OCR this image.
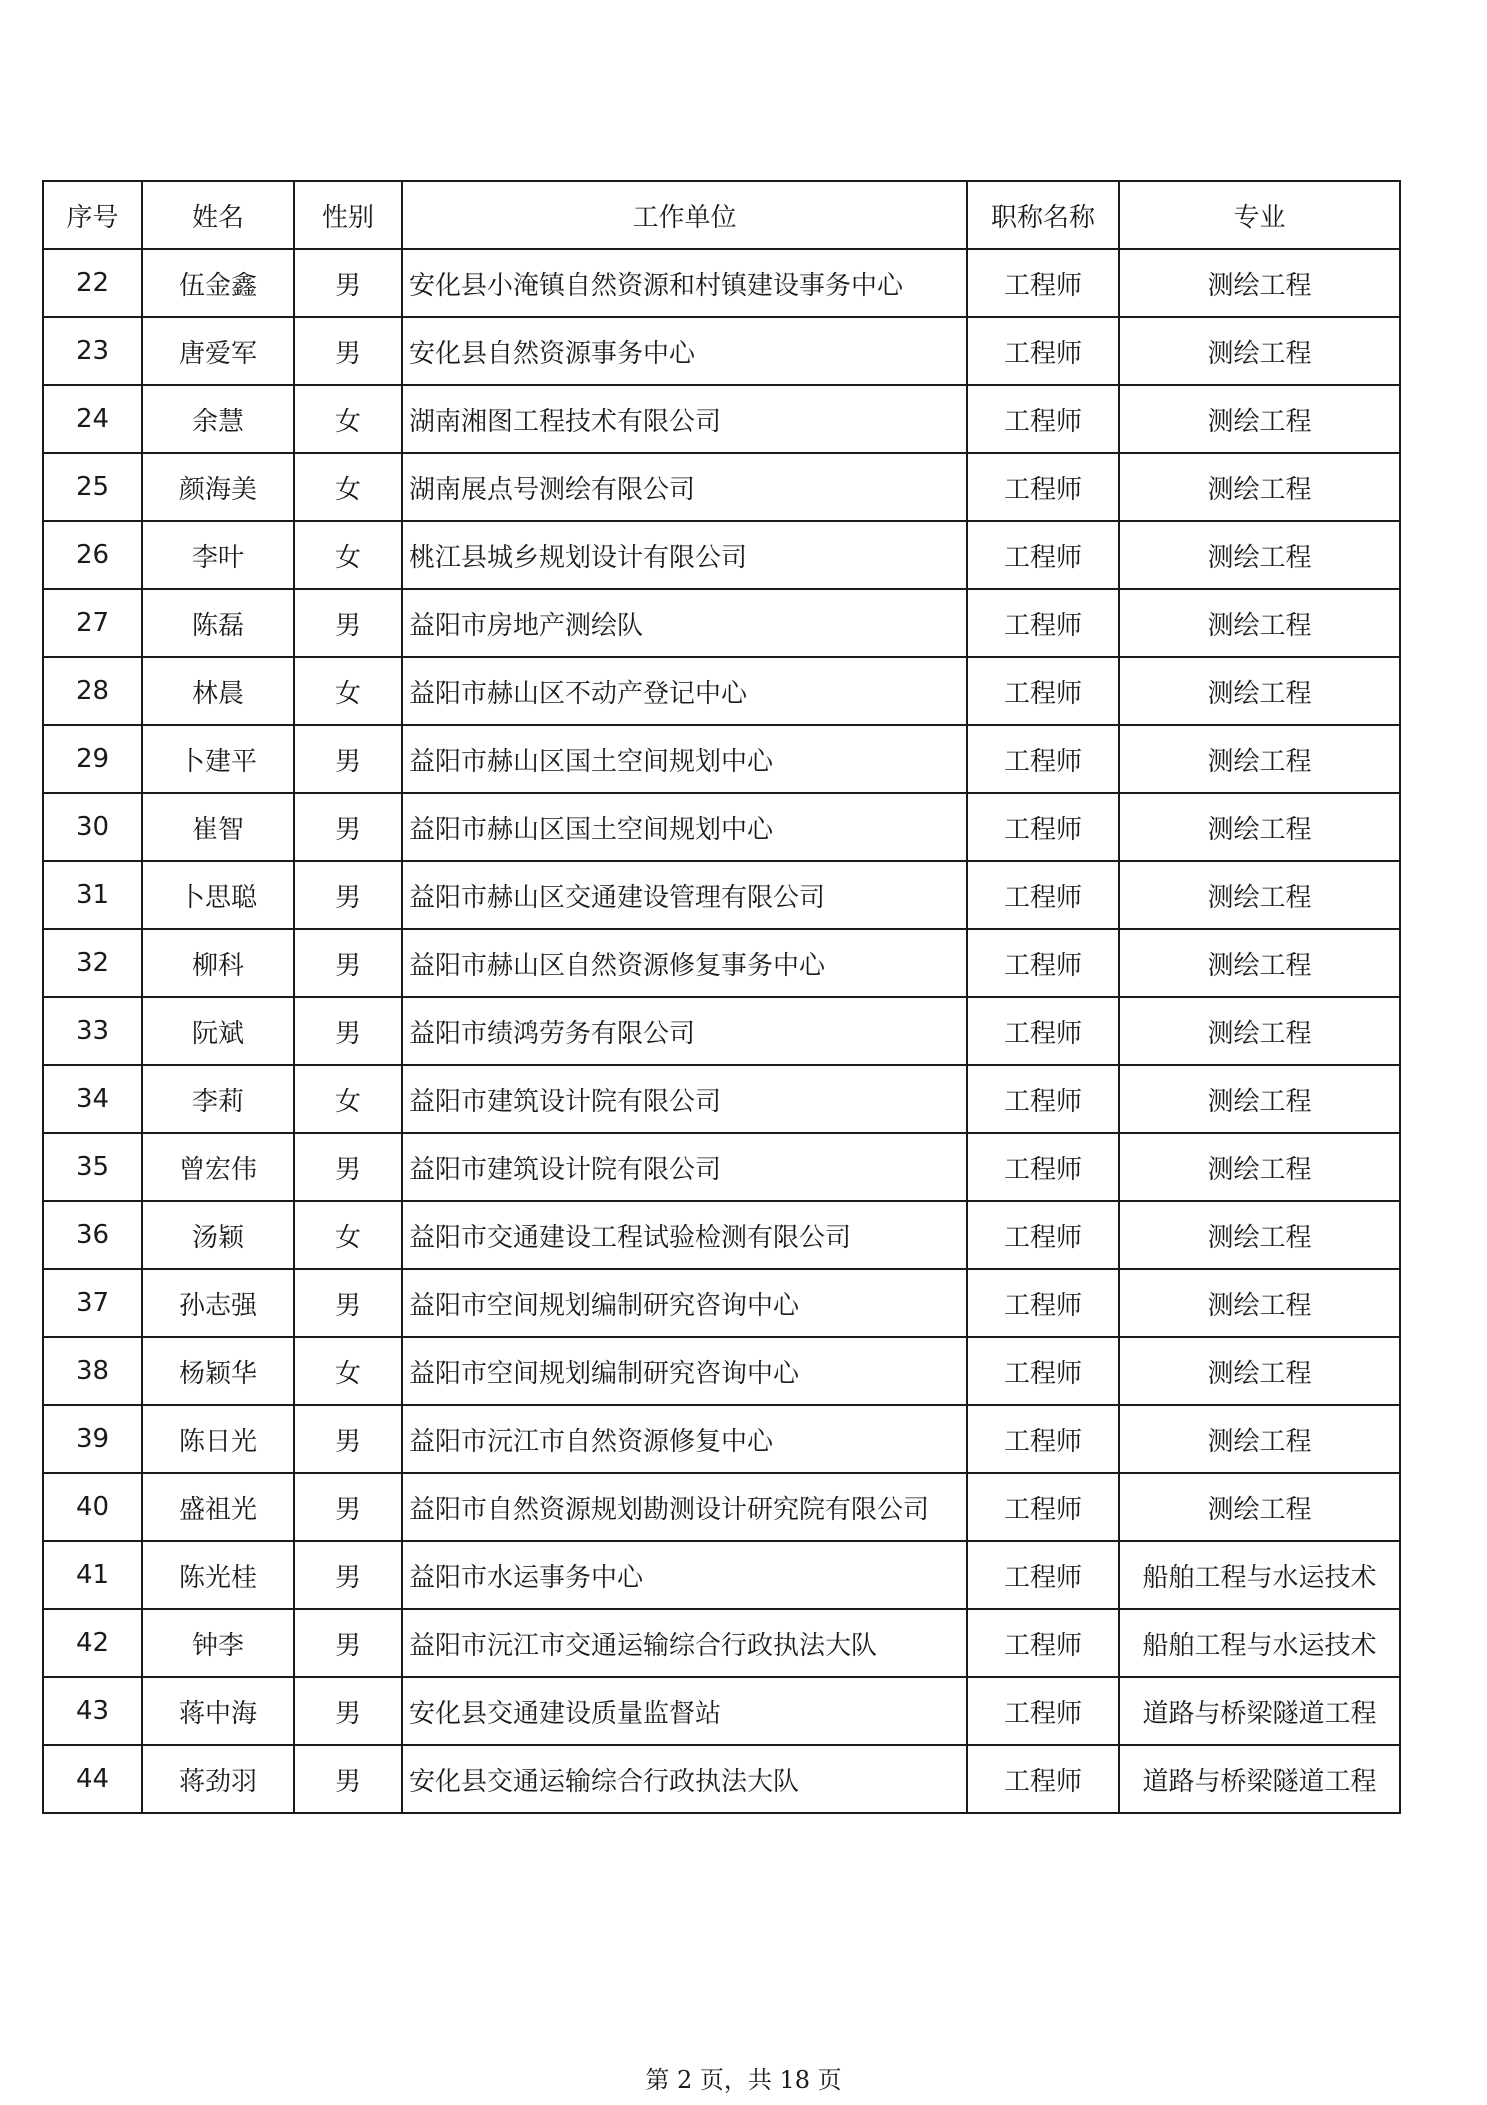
序号	姓名	性别	工作单位	职称名称	专业
22	伍金鑫	男	安化县小淹镇自然资源和村镇建设事务中心	工程师	测绘工程
23	唐爱军	男	安化县自然资源事务中心	工程师	测绘工程
24	余慧	女	湖南湘图工程技术有限公司	工程师	测绘工程
25	颜海美	女	湖南展点号测绘有限公司	工程师	测绘工程
26	李叶	女	桃江县城乡规划设计有限公司	工程师	测绘工程
27	陈磊	男	益阳市房地产测绘队	工程师	测绘工程
28	林晨	女	益阳市赫山区不动产登记中心	工程师	测绘工程
29	卜建平	男	益阳市赫山区国土空间规划中心	工程师	测绘工程
30	崔智	男	益阳市赫山区国土空间规划中心	工程师	测绘工程
31	卜思聪	男	益阳市赫山区交通建设管理有限公司	工程师	测绘工程
32	柳科	男	益阳市赫山区自然资源修复事务中心	工程师	测绘工程
33	阮斌	男	益阳市绩鸿劳务有限公司	工程师	测绘工程
34	李莉	女	益阳市建筑设计院有限公司	工程师	测绘工程
35	曾宏伟	男	益阳市建筑设计院有限公司	工程师	测绘工程
36	汤颖	女	益阳市交通建设工程试验检测有限公司	工程师	测绘工程
37	孙志强	男	益阳市空间规划编制研究咨询中心	工程师	测绘工程
38	杨颖华	女	益阳市空间规划编制研究咨询中心	工程师	测绘工程
39	陈日光	男	益阳市沅江市自然资源修复中心	工程师	测绘工程
40	盛祖光	男	益阳市自然资源规划勘测设计研究院有限公司	工程师	测绘工程
41	陈光桂	男	益阳市水运事务中心	工程师	船舶工程与水运技术
42	钟李	男	益阳市沅江市交通运输综合行政执法大队	工程师	船舶工程与水运技术
43	蒋中海	男	安化县交通建设质量监督站	工程师	道路与桥梁隧道工程
44	蒋劲羽	男	安化县交通运输综合行政执法大队	工程师	道路与桥梁隧道工程
第 2 页，共 18 页
